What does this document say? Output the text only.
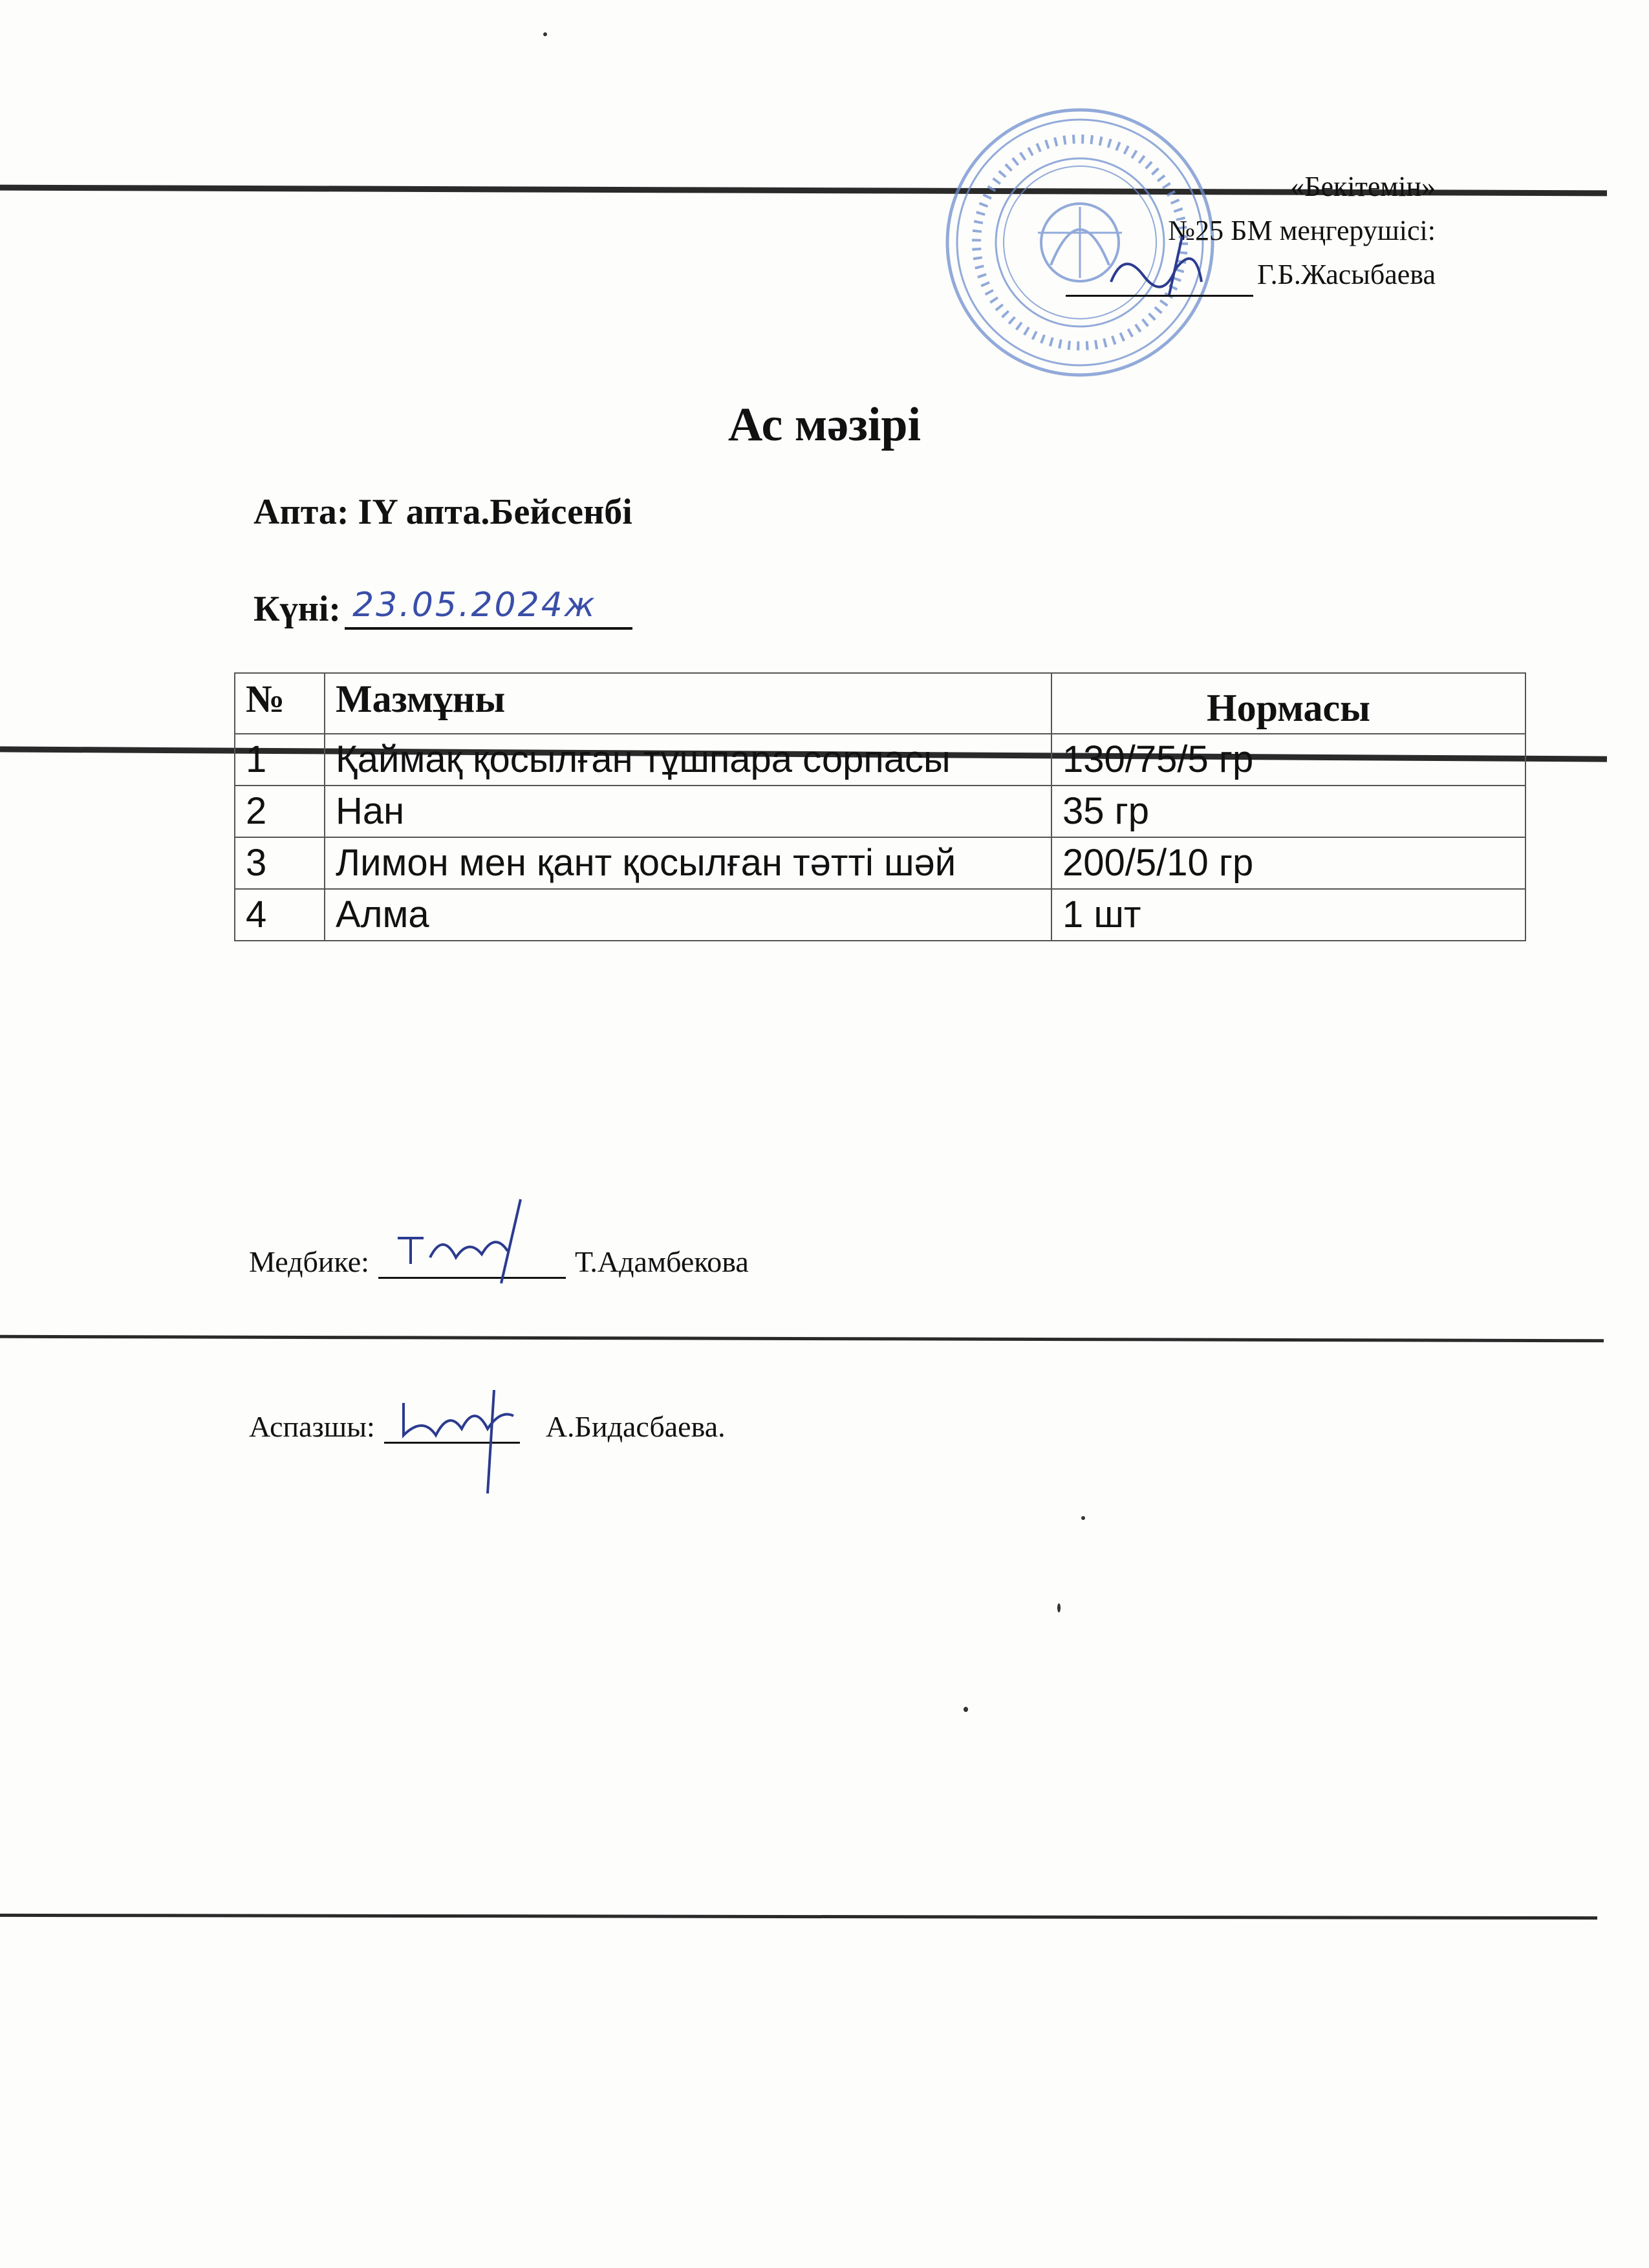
«Бекітемін»
№25 БМ меңгерушісі:
Г.Б.Жасыбаева
Ас мәзірі
Апта: IY апта.Бейсенбі
Күні: 23.05.2024ж
№	Мазмұны	Нормасы
1	Қаймақ қосылған тұшпара сорпасы	130/75/5 гр
2	Нан	35 гр
3	Лимон мен қант қосылған тәтті шәй	200/5/10 гр
4	Алма	1 шт
Медбике:	Т.Адамбекова
Аспазшы:	А.Бидасбаева.
